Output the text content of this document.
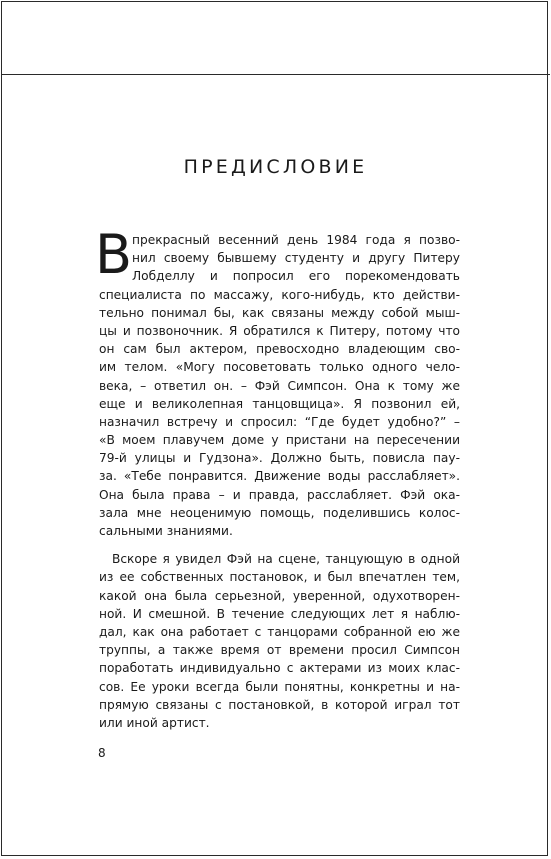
ПРЕДИСЛОВИЕ
В прекрасный весенний день 1984 года я позво-
нил своему бывшему студенту и другу Питеру
Лобделлу и попросил его порекомендовать
специалиста по массажу, кого-нибудь, кто действи-
тельно понимал бы, как связаны между собой мыш-
цы и позвоночник. Я обратился к Питеру, потому что
он сам был актером, превосходно владеющим сво-
им телом. «Могу посоветовать только одного чело-
века, – ответил он. – Фэй Симпсон. Она к тому же
еще и великолепная танцовщица». Я позвонил ей,
назначил встречу и спросил: “Где будет удобно?” –
«В моем плавучем доме у пристани на пересечении
79-й улицы и Гудзона». Должно быть, повисла пау-
за. «Тебе понравится. Движение воды расслабляет».
Она была права – и правда, расслабляет. Фэй ока-
зала мне неоценимую помощь, поделившись колос-
сальными знаниями.
Вскоре я увидел Фэй на сцене, танцующую в одной
из ее собственных постановок, и был впечатлен тем,
какой она была серьезной, уверенной, одухотворен-
ной. И смешной. В течение следующих лет я наблю-
дал, как она работает с танцорами собранной ею же
труппы, а также время от времени просил Симпсон
поработать индивидуально с актерами из моих клас-
сов. Ее уроки всегда были понятны, конкретны и на-
прямую связаны с постановкой, в которой играл тот
или иной артист.
8
